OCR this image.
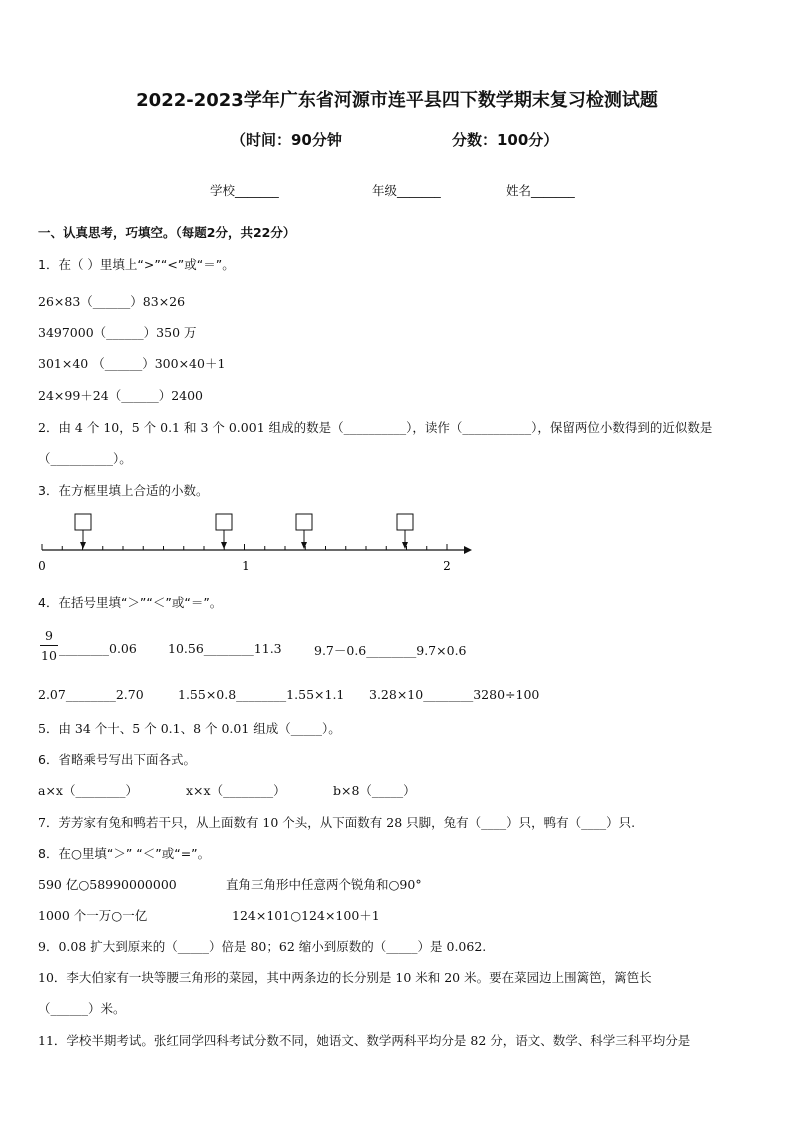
2022-2023学年广东省河源市连平县四下数学期末复习检测试题
（时间：90分钟	分数：100分）
学校_______	年级_______	姓名_______
一、认真思考，巧填空。（每题2分，共22分）
1．在（ ）里填上“>”“<”或“＝”。
26×83（______）83×26
3497000（______）350 万
301×40 （______）300×40＋1
24×99＋24（______）2400
2．由 4 个 10，5 个 0.1 和 3 个 0.001 组成的数是（__________），读作（___________），保留两位小数得到的近似数是
（__________）。
3．在方框里填上合适的小数。
0	1	2
4．在括号里填“＞”“＜”或“＝”。
9
10 ________0.06 10.56________11.3	9.7－0.6________9.7×0.6
2.07________2.70	1.55×0.8________1.55×1.1 3.28×10________3280÷100
5．由 34 个十、5 个 0.1、8 个 0.01 组成（_____）。
6．省略乘号写出下面各式。
a×x（________）	x×x（________）	b×8（_____）
7．芳芳家有兔和鸭若干只，从上面数有 10 个头，从下面数有 28 只脚，兔有（____）只，鸭有（____）只.
8．在○里填“＞” “＜”或“=”。
590 亿○58990000000	直角三角形中任意两个锐角和○90°
1000 个一万○一亿	124×101○124×100＋1
9．0.08 扩大到原来的（_____）倍是 80；62 缩小到原数的（_____）是 0.062.
10．李大伯家有一块等腰三角形的菜园，其中两条边的长分别是 10 米和 20 米。要在菜园边上围篱笆，篱笆长
（______）米。
11．学校半期考试。张红同学四科考试分数不同，她语文、数学两科平均分是 82 分，语文、数学、科学三科平均分是
